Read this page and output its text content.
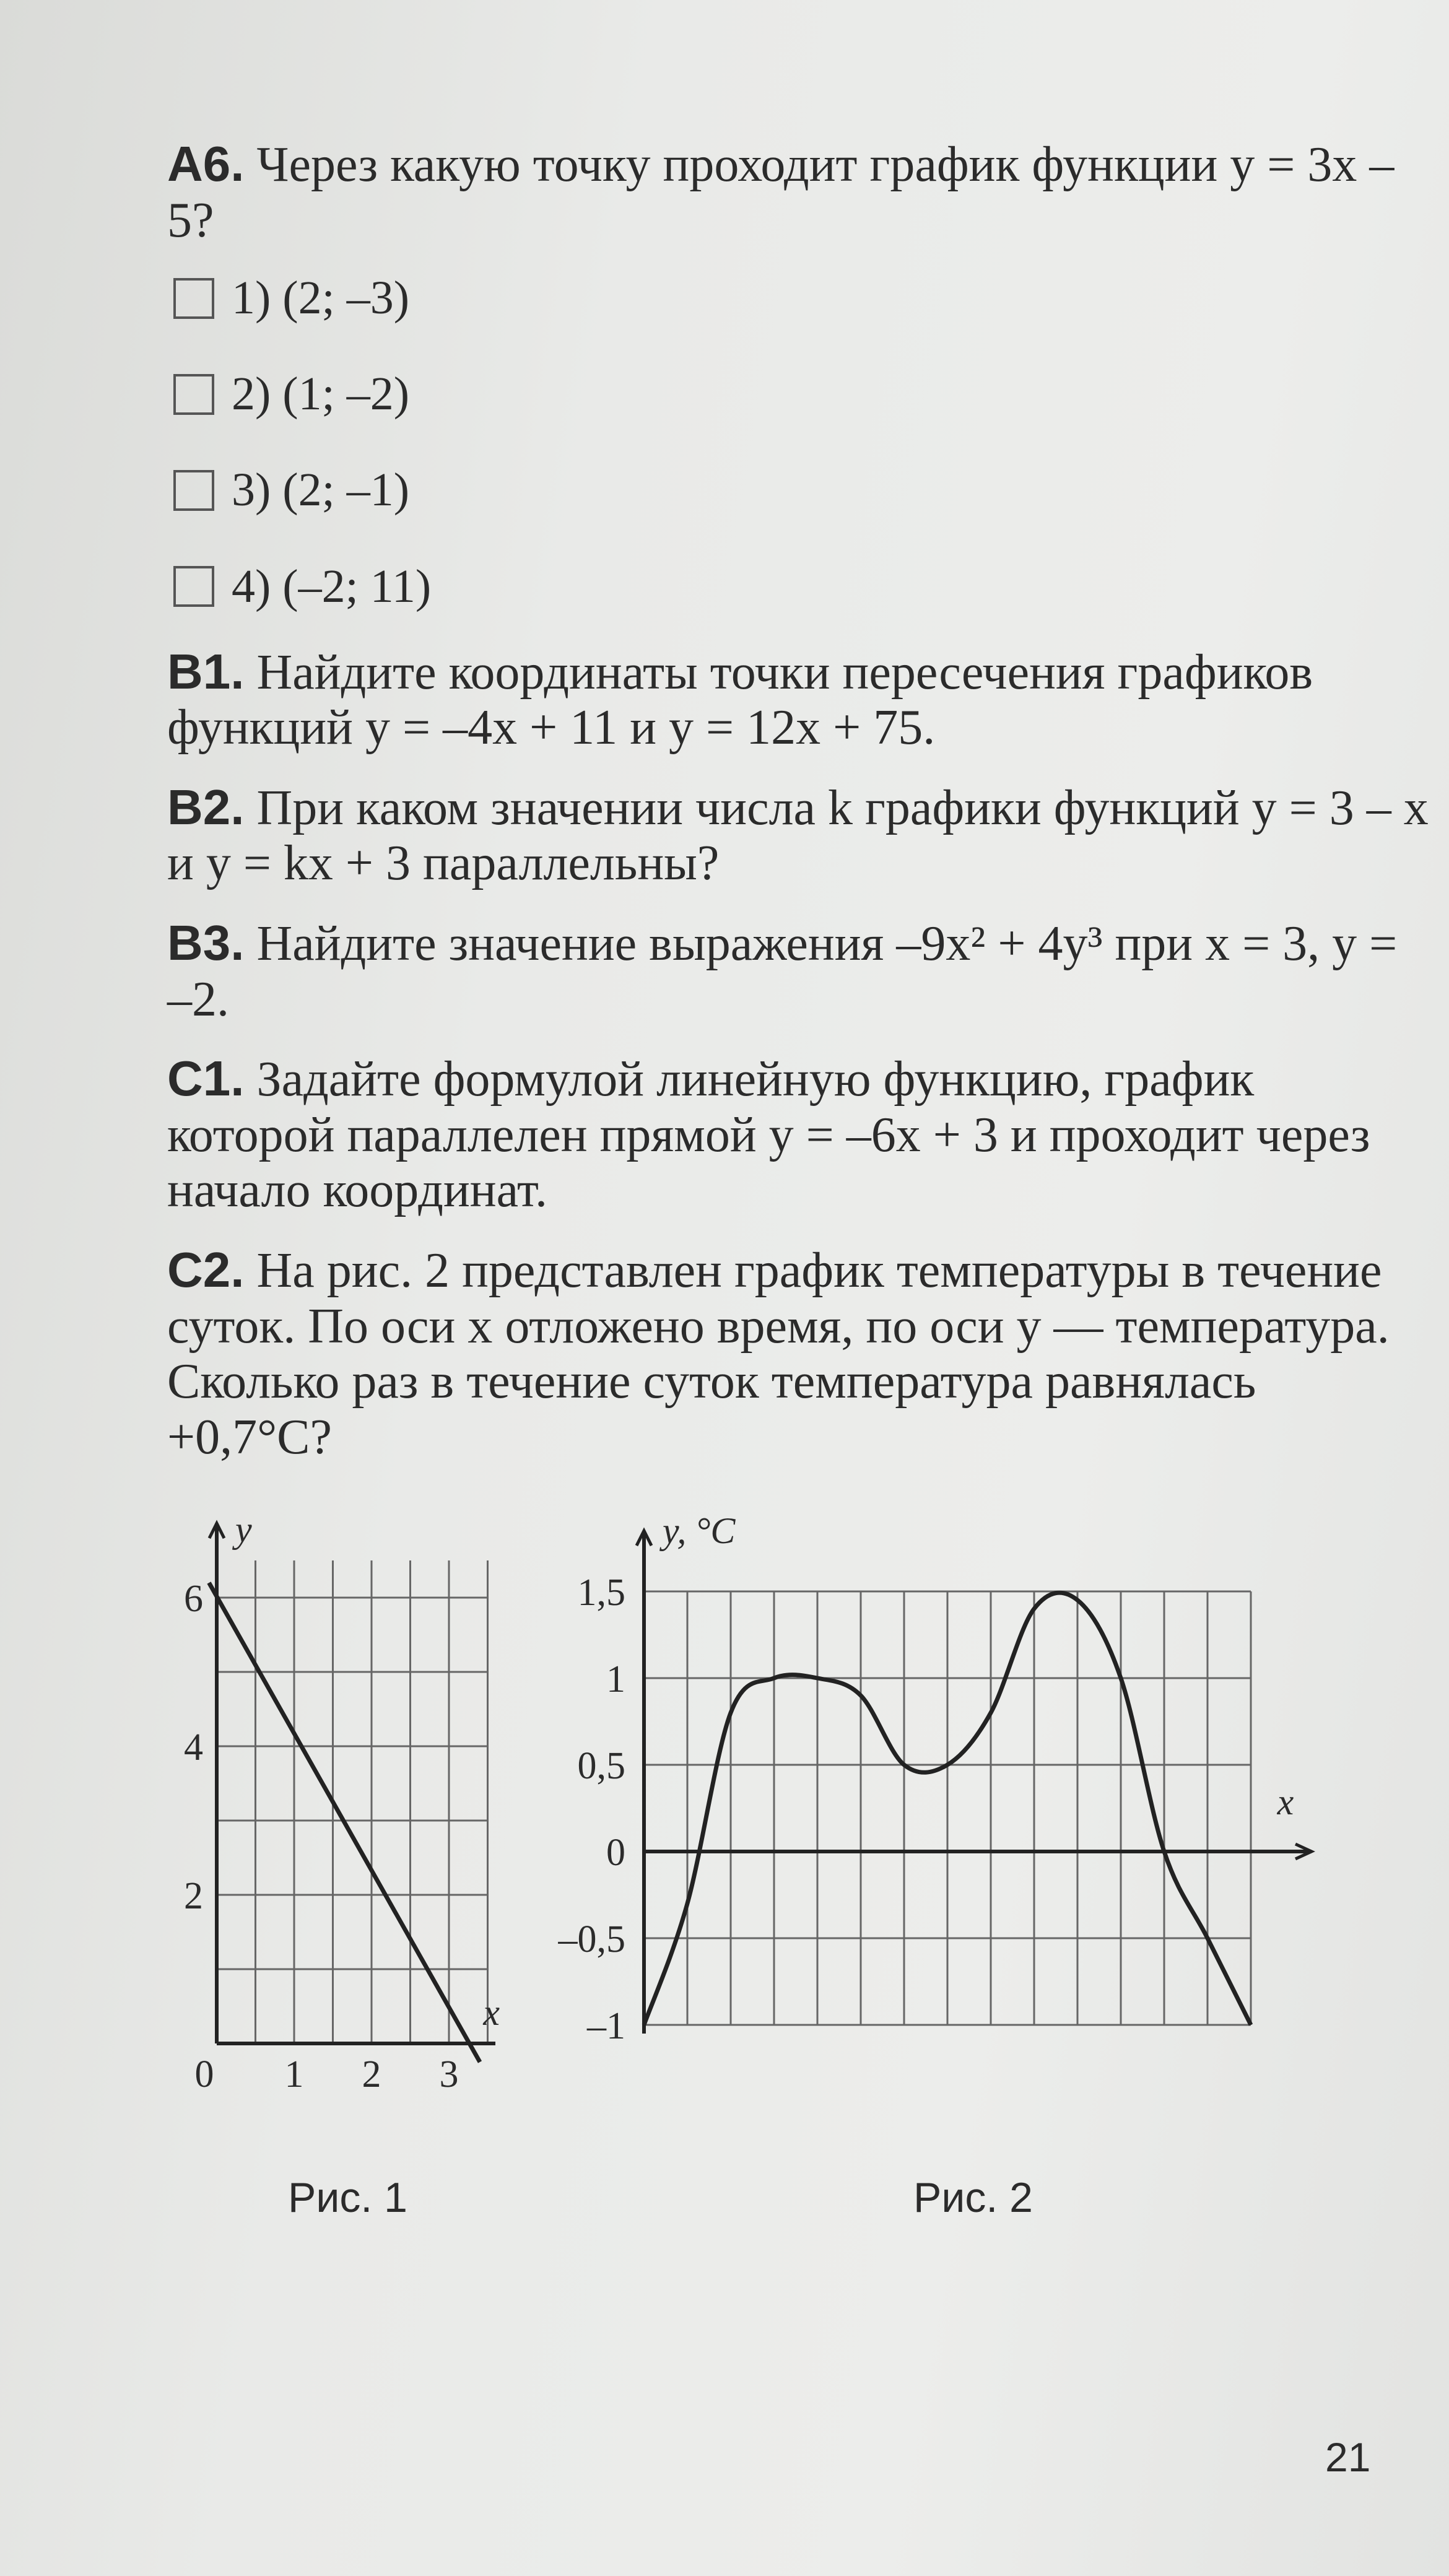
А6. Через какую точку проходит график функции y = 3x – 5?
1) (2; –3)
2) (1; –2)
3) (2; –1)
4) (–2; 11)
B1. Найдите координаты точки пересечения графиков функций y = –4x + 11 и y = 12x + 75.
B2. При каком значении числа k графики функций y = 3 – x и y = kx + 3 параллельны?
B3. Найдите значение выражения –9x² + 4y³ при x = 3, y = –2.
C1. Задайте формулой линейную функцию, график которой параллелен прямой y = –6x + 3 и проходит через начало координат.
C2. На рис. 2 представлен график температуры в течение суток. По оси x отложено время, по оси y — температура. Сколько раз в течение суток температура равнялась +0,7°C?
y
x
6
4
2
0 1 2 3
y, °C
x
1,5
1
0,5
0
–0,5
–1
Рис. 1	Рис. 2
21
